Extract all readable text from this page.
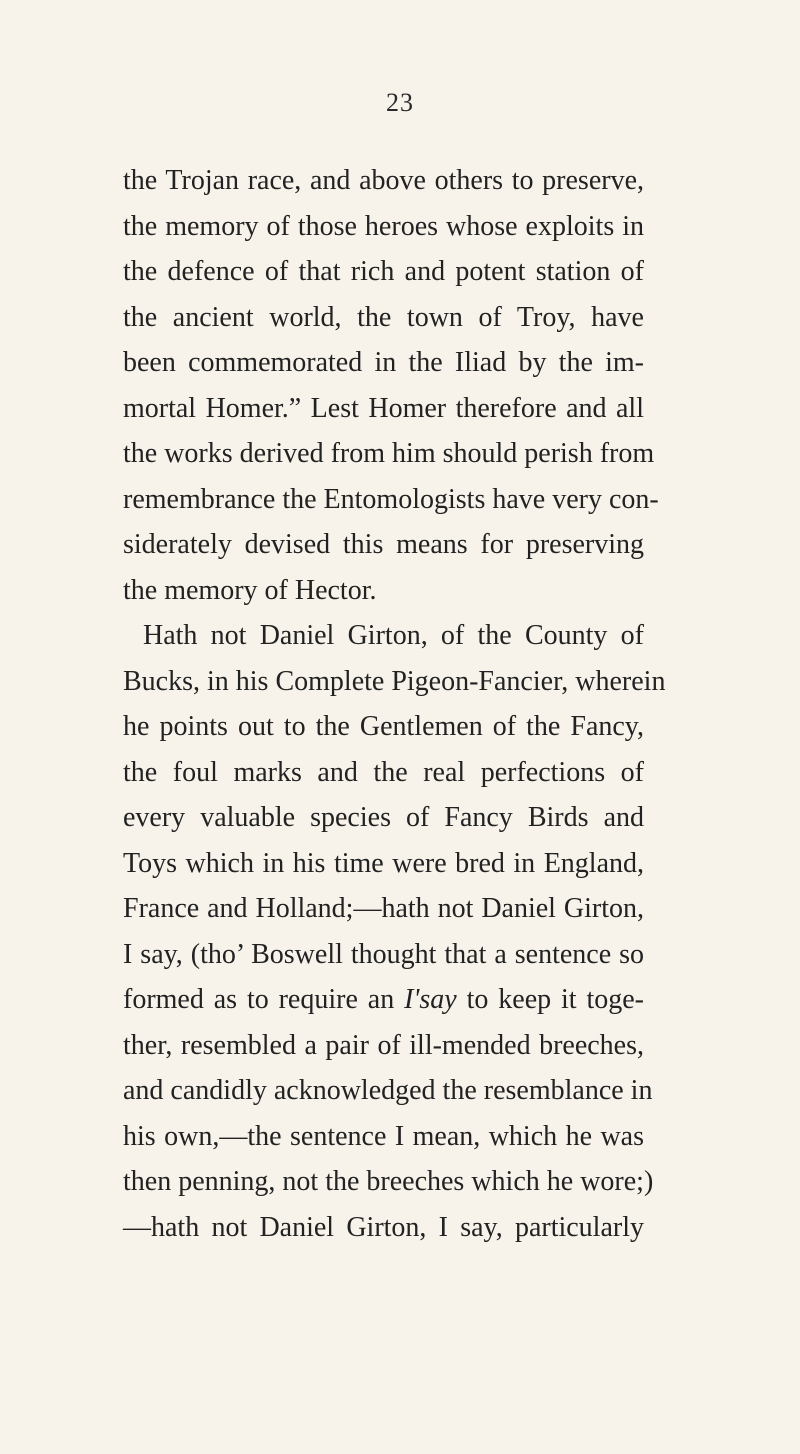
23
the Trojan race, and above others to preserve,
the memory of those heroes whose exploits in
the defence of that rich and potent station of
the ancient world, the town of Troy, have
been commemorated in the Iliad by the im-
mortal Homer.” Lest Homer therefore and all
the works derived from him should perish from
remembrance the Entomologists have very con-
siderately devised this means for preserving
the memory of Hector.
Hath not Daniel Girton, of the County of
Bucks, in his Complete Pigeon-Fancier, wherein
he points out to the Gentlemen of the Fancy,
the foul marks and the real perfections of
every valuable species of Fancy Birds and
Toys which in his time were bred in England,
France and Holland;—hath not Daniel Girton,
I say, (tho’ Boswell thought that a sentence so
formed as to require an I'say to keep it toge-
ther, resembled a pair of ill-mended breeches,
and candidly acknowledged the resemblance in
his own,—the sentence I mean, which he was
then penning, not the breeches which he wore;)
—hath not Daniel Girton, I say, particularly
